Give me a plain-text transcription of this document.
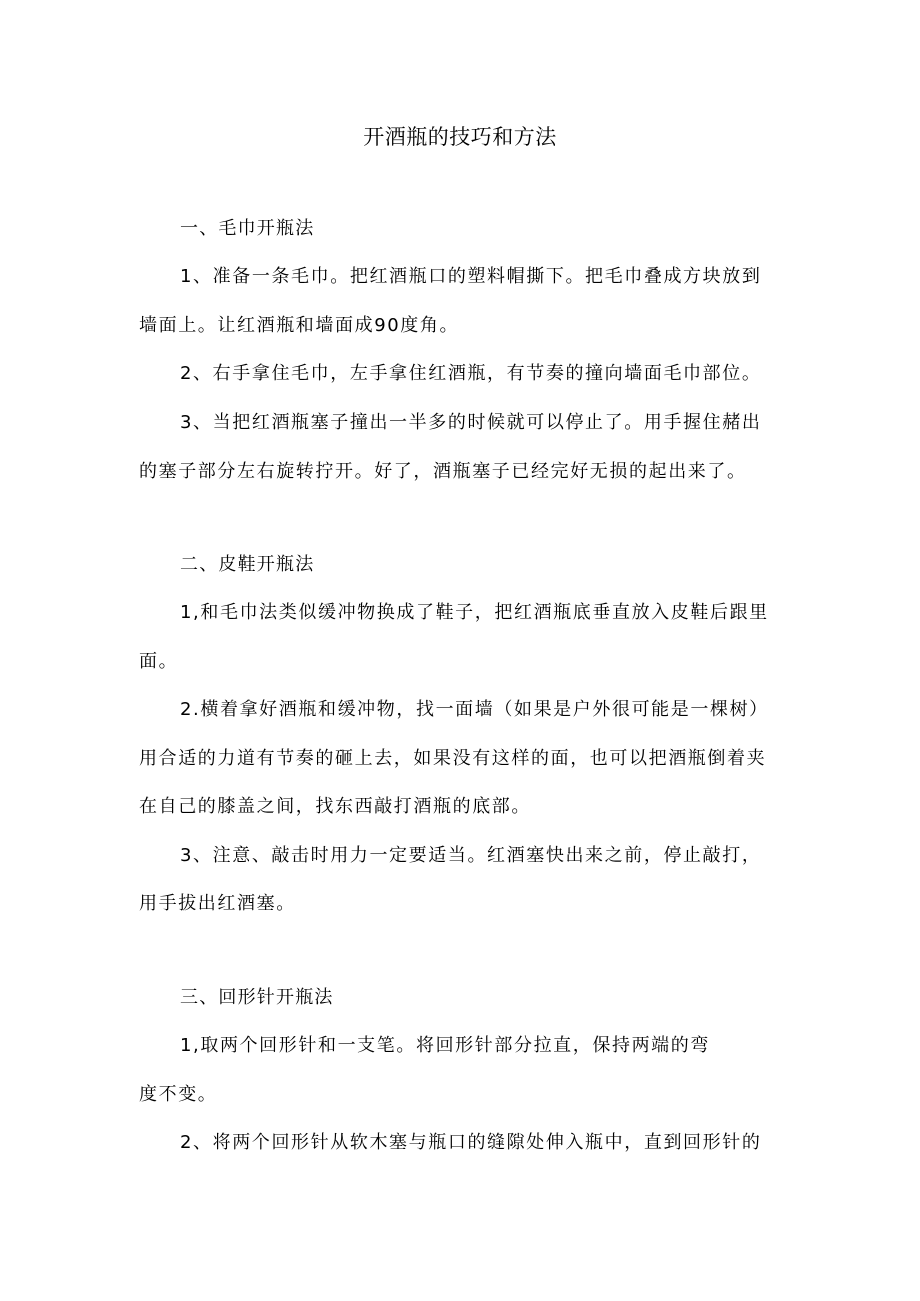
开酒瓶的技巧和方法
一、毛巾开瓶法
1、准备一条毛巾。把红酒瓶口的塑料帽撕下。把毛巾叠成方块放到
墙面上。让红酒瓶和墙面成90度角。
2、右手拿住毛巾，左手拿住红酒瓶，有节奏的撞向墙面毛巾部位。
3、当把红酒瓶塞子撞出一半多的时候就可以停止了。用手握住赭出
的塞子部分左右旋转拧开。好了，酒瓶塞子已经完好无损的起出来了。
二、皮鞋开瓶法
1,和毛巾法类似缓冲物换成了鞋子，把红酒瓶底垂直放入皮鞋后跟里
面。
2.横着拿好酒瓶和缓冲物，找一面墙（如果是户外很可能是一棵树）
用合适的力道有节奏的砸上去，如果没有这样的面，也可以把酒瓶倒着夹
在自己的膝盖之间，找东西敲打酒瓶的底部。
3、注意、敲击时用力一定要适当。红酒塞快出来之前，停止敲打，
用手拔出红酒塞。
三、回形针开瓶法
1,取两个回形针和一支笔。将回形针部分拉直，保持两端的弯
度不变。
2、将两个回形针从软木塞与瓶口的缝隙处伸入瓶中，直到回形针的
